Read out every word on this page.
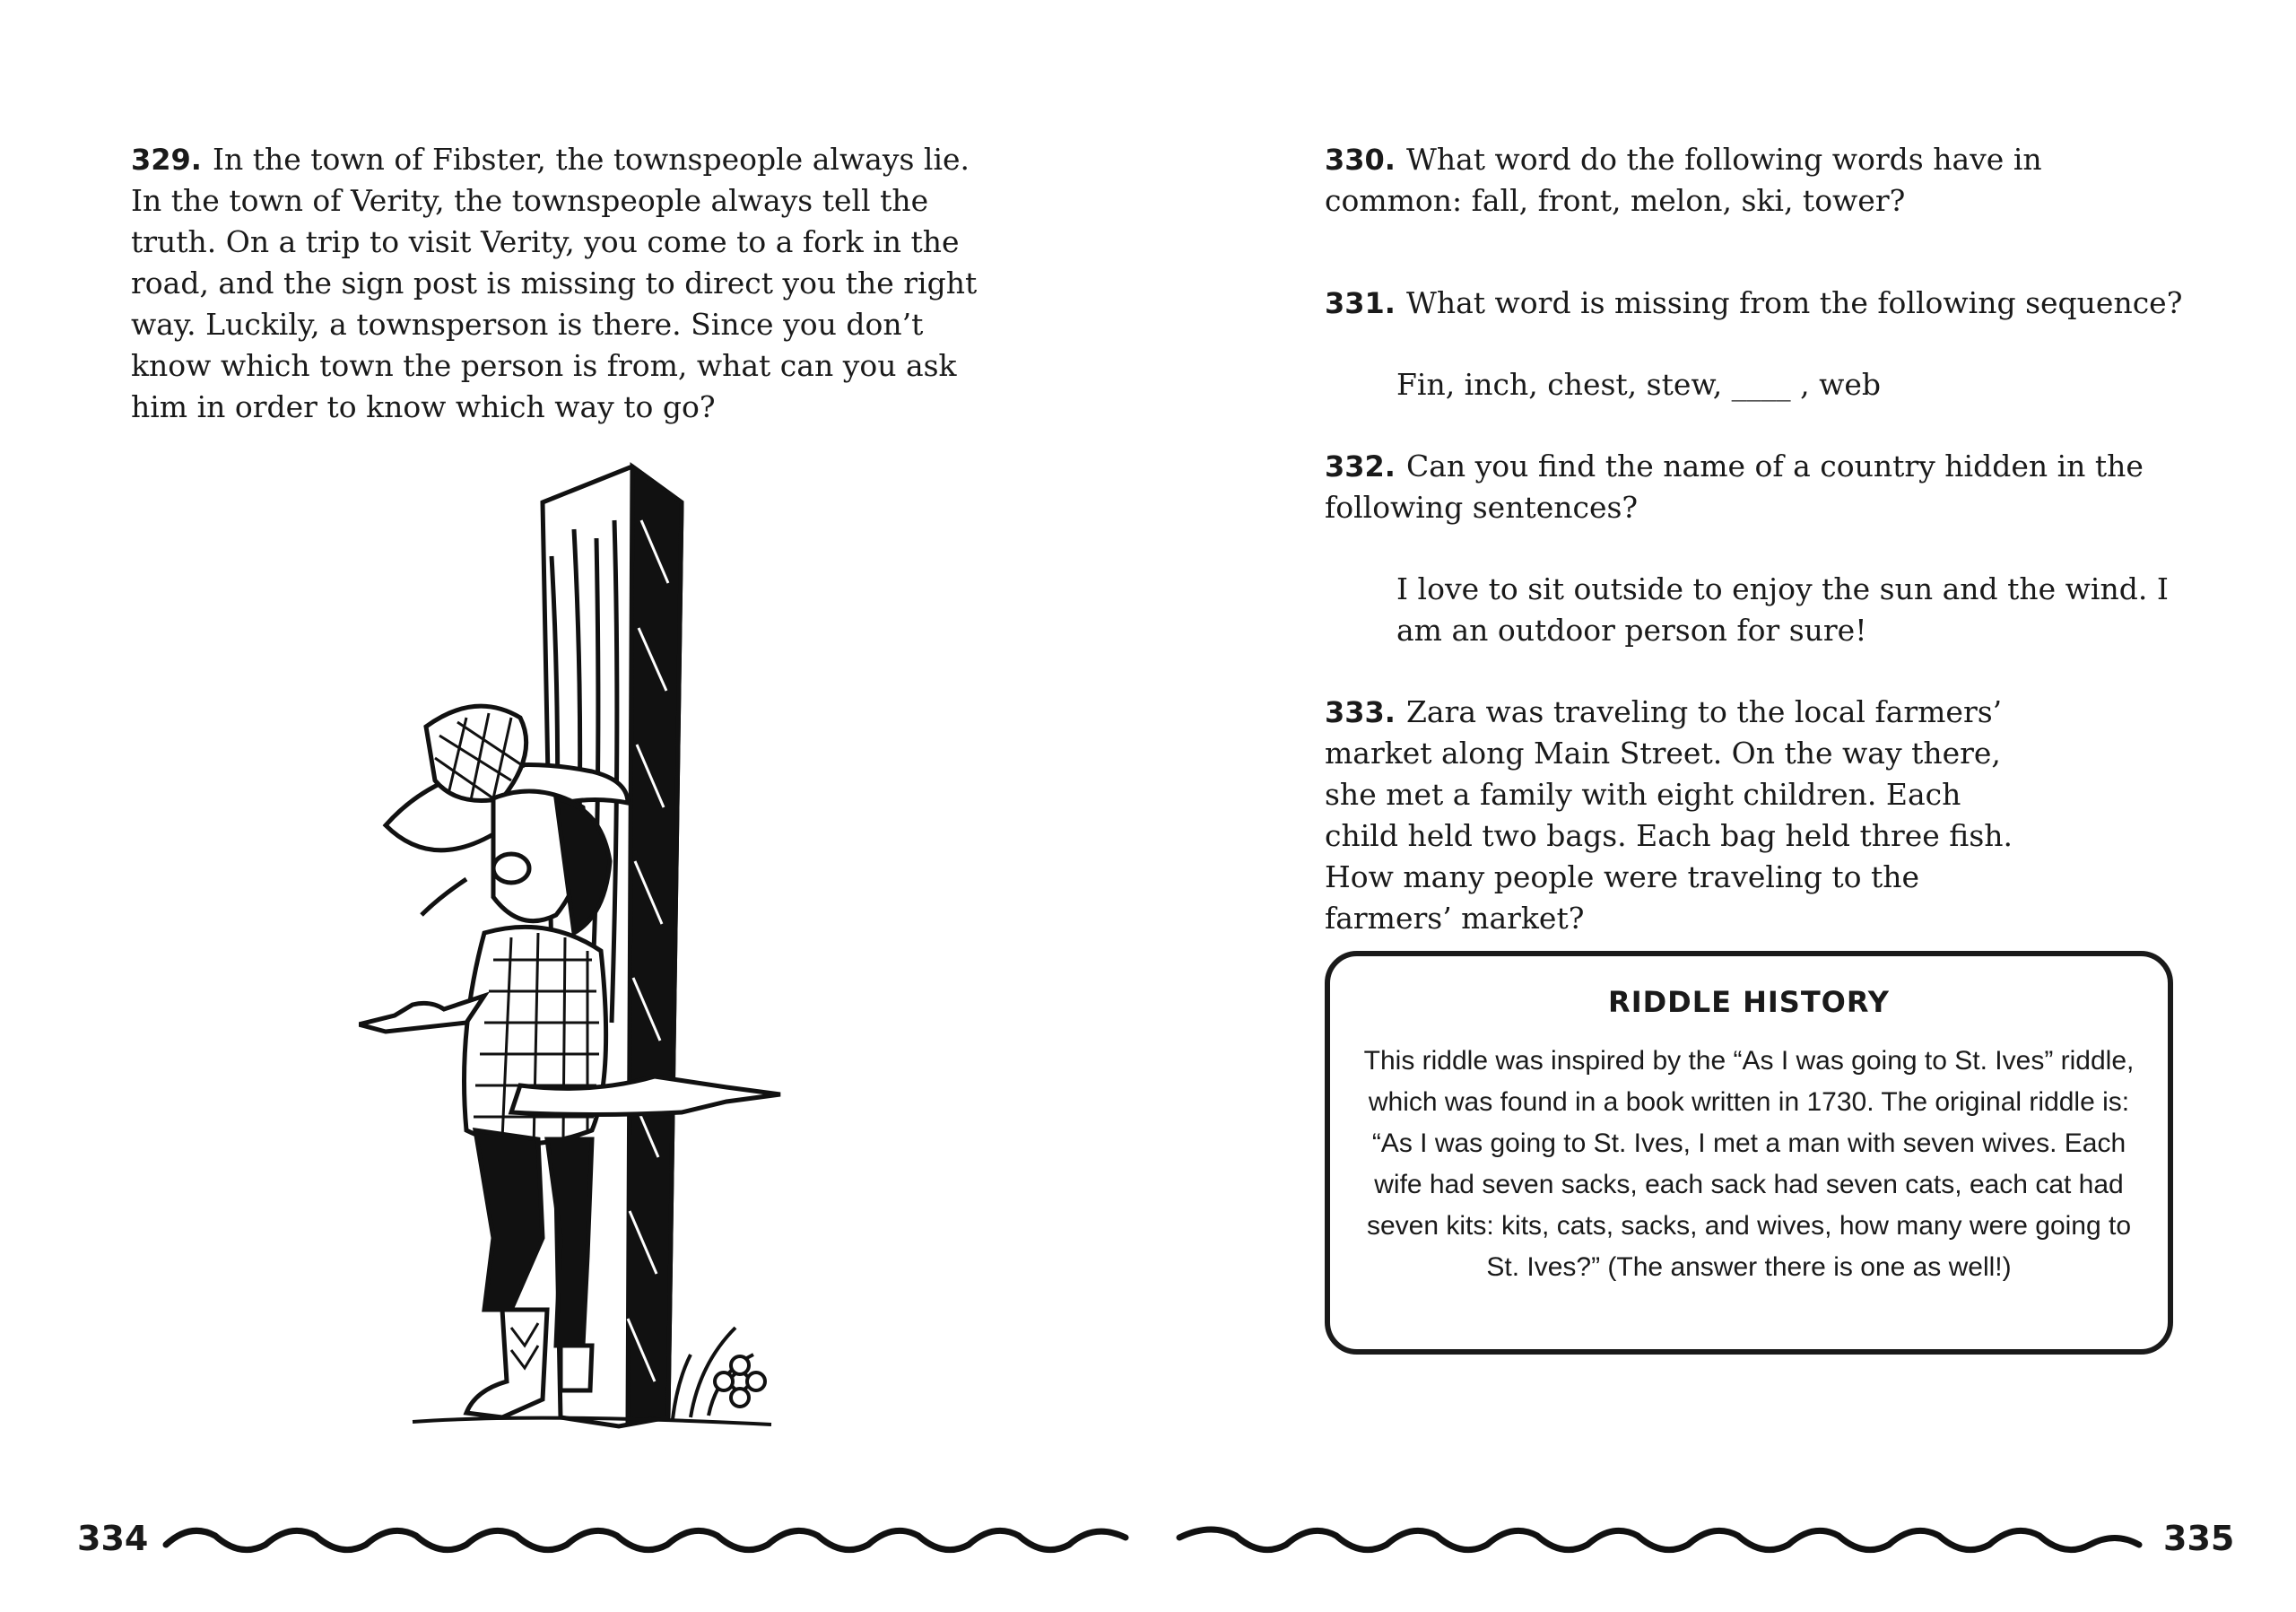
329. In the town of Fibster, the townspeople always lie. In the town of Verity, the townspeople always tell the truth. On a trip to visit Verity, you come to a fork in the road, and the sign post is missing to direct you the right way. Luckily, a townsperson is there. Since you don’t know which town the person is from, what can you ask him in order to know which way to go?

334

330. What word do the following words have in common: fall, front, melon, ski, tower?

331. What word is missing from the following sequence?

Fin, inch, chest, stew, ____ , web

332. Can you find the name of a country hidden in the following sentences?

I love to sit outside to enjoy the sun and the wind. I am an outdoor person for sure!

333. Zara was traveling to the local farmers’ market along Main Street. On the way there, she met a family with eight children. Each child held two bags. Each bag held three fish. How many people were traveling to the farmers’ market?

RIDDLE HISTORY
This riddle was inspired by the “As I was going to St. Ives” riddle, which was found in a book written in 1730. The original riddle is: “As I was going to St. Ives, I met a man with seven wives. Each wife had seven sacks, each sack had seven cats, each cat had seven kits: kits, cats, sacks, and wives, how many were going to St. Ives?” (The answer there is one as well!)
335
